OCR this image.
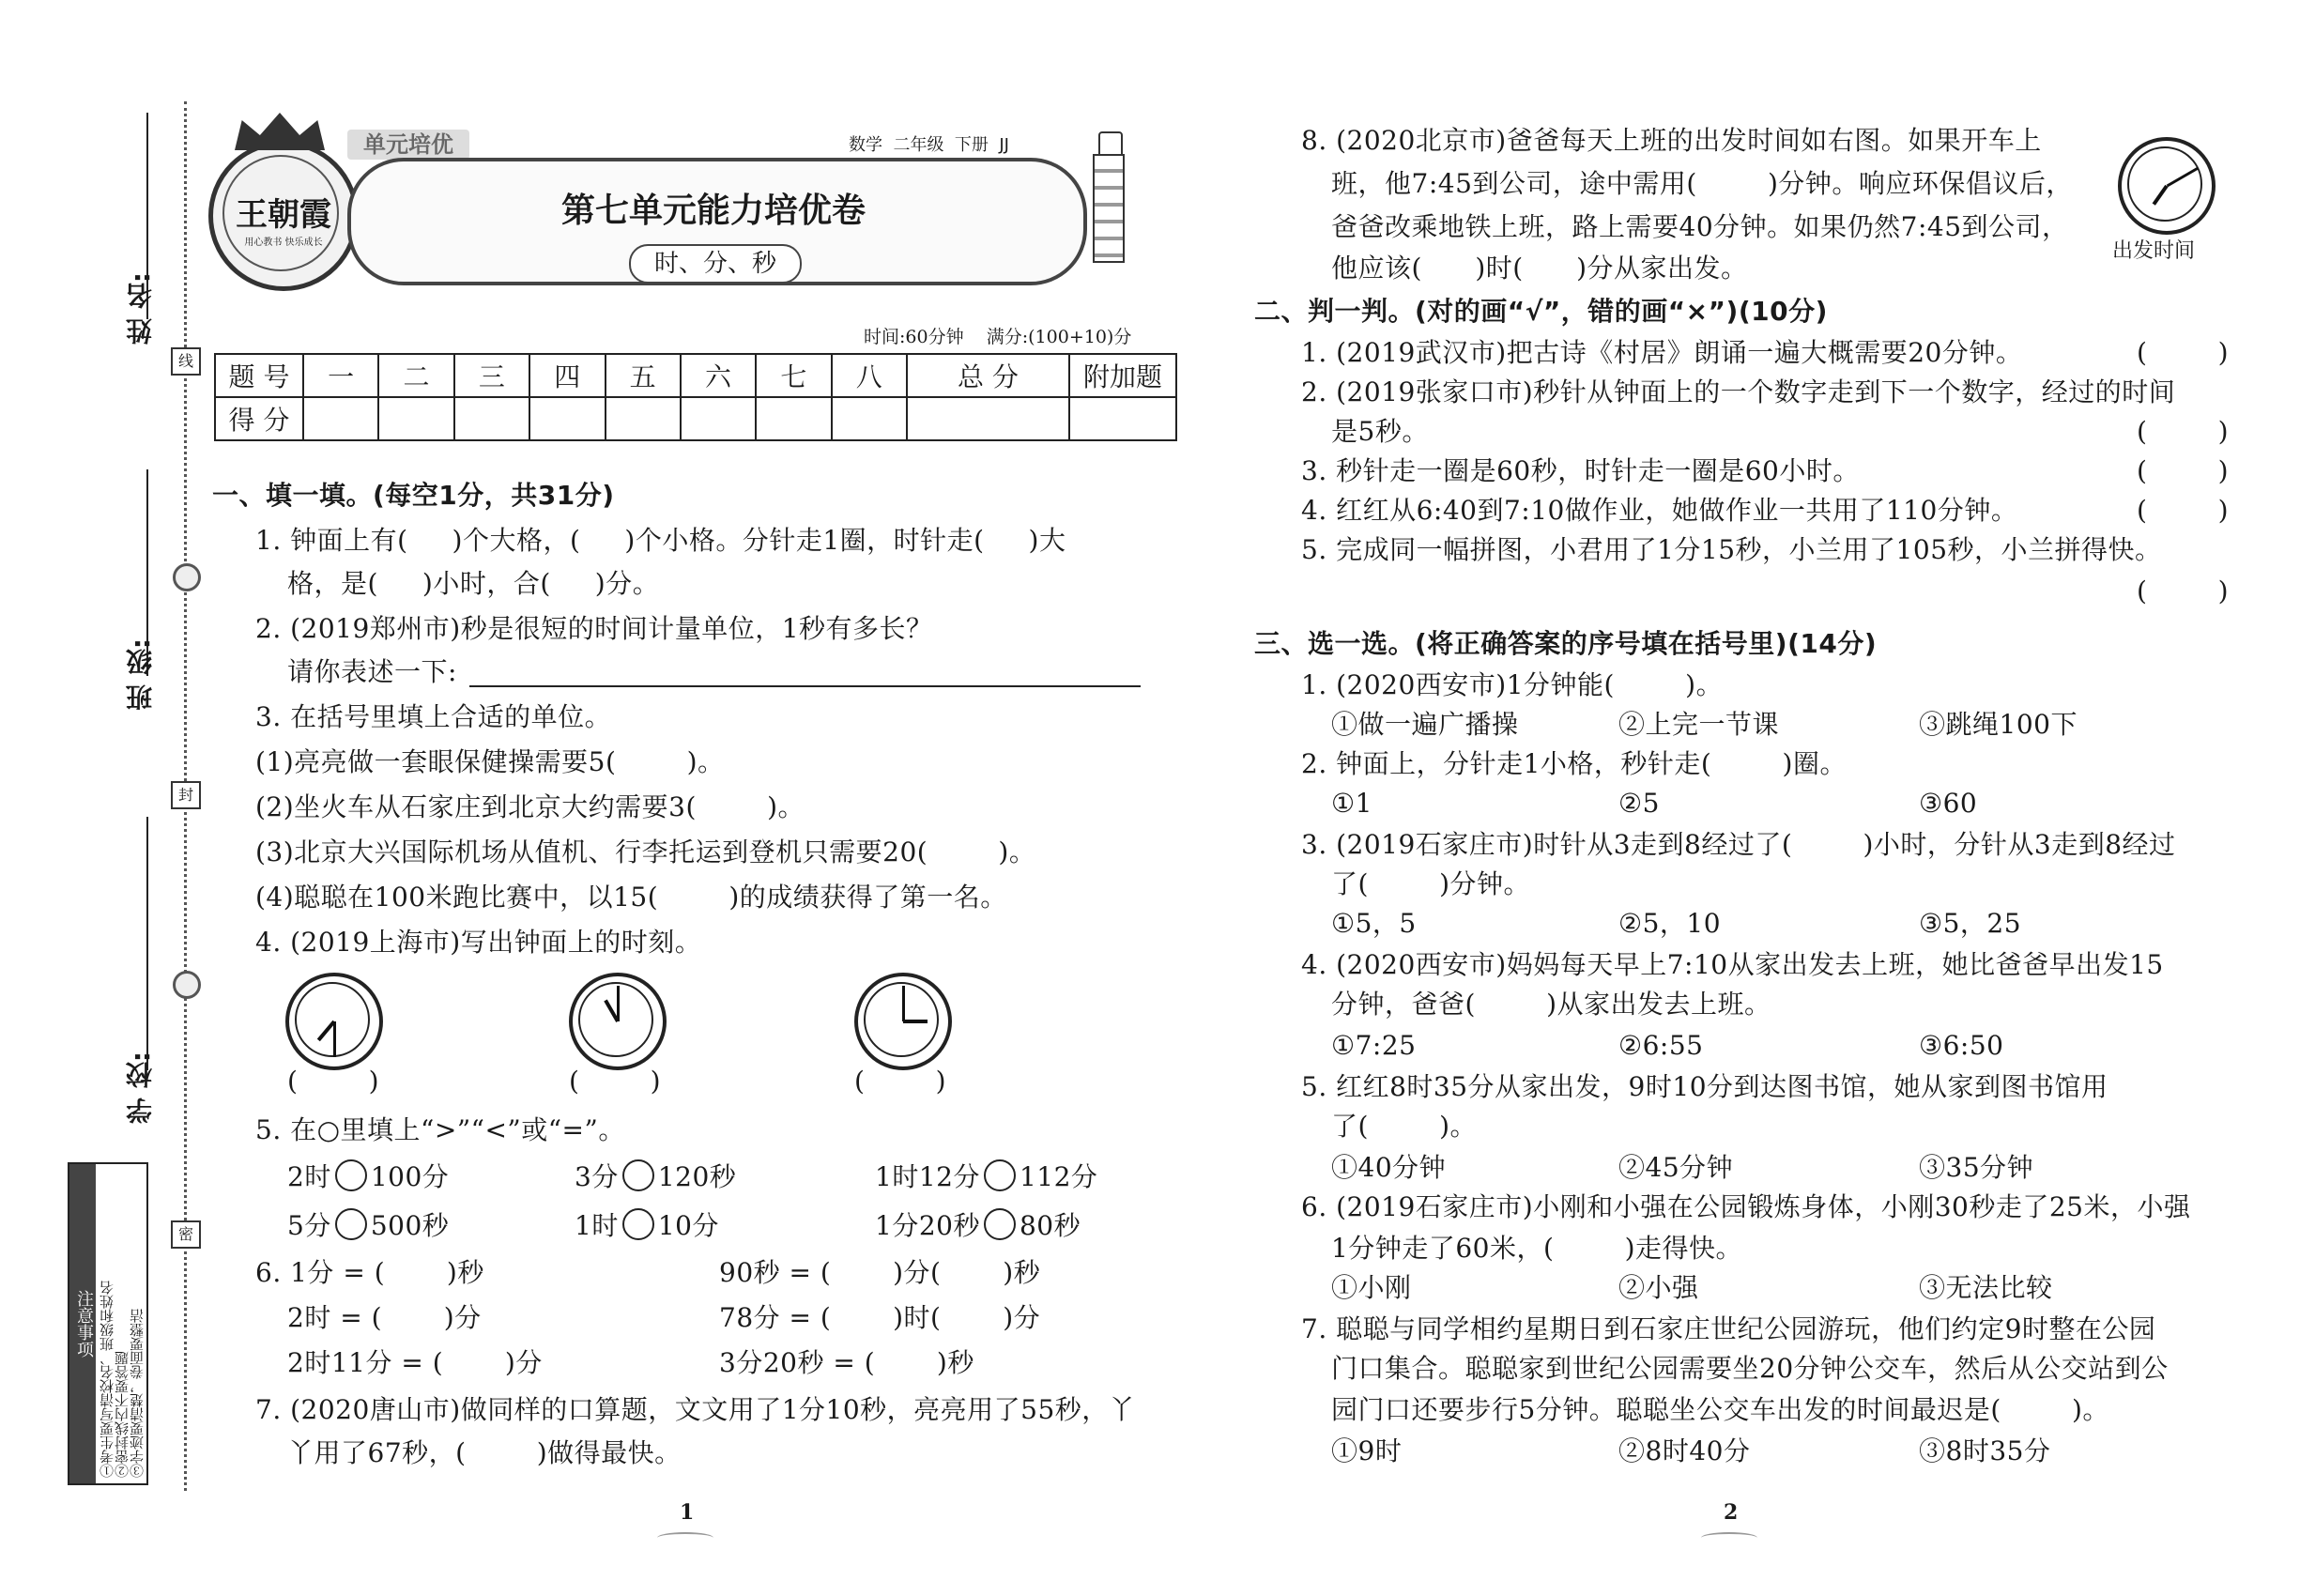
姓 名:
班 级:
学 校:
线
封
密
注意事项 ①考生要写清校名、班级和姓名
②密封线内不要答题
③字迹要清楚，卷面要整洁
王朝霞
用心教书 快乐成长
单元培优	数学  二年级  下册  JJ
第七单元能力培优卷
时、分、秒
时间:60分钟    满分:(100+10)分
题 号	一	二	三	四	五	六	七	八	总 分	附加题
得 分										
一、填一填。(每空1分，共31分)
1. 钟面上有(     )个大格，(     )个小格。分针走1圈，时针走(     )大
格，是(     )小时，合(     )分。
2. (2019郑州市)秒是很短的时间计量单位，1秒有多长？
请你表述一下:
3. 在括号里填上合适的单位。
(1)亮亮做一套眼保健操需要5(        )。
(2)坐火车从石家庄到北京大约需要3(        )。
(3)北京大兴国际机场从值机、行李托运到登机只需要20(        )。
(4)聪聪在100米跑比赛中，以15(        )的成绩获得了第一名。
4. (2019上海市)写出钟面上的时刻。
(        )	(        )	(        )
5. 在○里填上“>”“<”或“=”。
2时 100分	3分 120秒	1时12分 112分
5分 500秒	1时 10分	1分20秒 80秒
6. 1分 = (       )秒	90秒 = (       )分(       )秒
2时 = (       )分	78分 = (       )时(       )分
2时11分 = (       )分	3分20秒 = (       )秒
7. (2020唐山市)做同样的口算题，文文用了1分10秒，亮亮用了55秒，丫
丫用了67秒，(        )做得最快。
1
8. (2020北京市)爸爸每天上班的出发时间如右图。如果开车上
班，他7:45到公司，途中需用(        )分钟。响应环保倡议后，
爸爸改乘地铁上班，路上需要40分钟。如果仍然7:45到公司，
他应该(      )时(      )分从家出发。
出发时间
二、判一判。(对的画“√”，错的画“×”)(10分)
1. (2019武汉市)把古诗《村居》朗诵一遍大概需要20分钟。	(        )
2. (2019张家口市)秒针从钟面上的一个数字走到下一个数字，经过的时间
是5秒。	(        )
3. 秒针走一圈是60秒，时针走一圈是60小时。	(        )
4. 红红从6:40到7:10做作业，她做作业一共用了110分钟。	(        )
5. 完成同一幅拼图，小君用了1分15秒，小兰用了105秒，小兰拼得快。
(        )
三、选一选。(将正确答案的序号填在括号里)(14分)
1. (2020西安市)1分钟能(        )。
①做一遍广播操	②上完一节课	③跳绳100下
2. 钟面上，分针走1小格，秒针走(        )圈。
①1	②5	③60
3. (2019石家庄市)时针从3走到8经过了(        )小时，分针从3走到8经过
了(        )分钟。
①5，5	②5，10	③5，25
4. (2020西安市)妈妈每天早上7:10从家出发去上班，她比爸爸早出发15
分钟，爸爸(        )从家出发去上班。
①7:25	②6:55	③6:50
5. 红红8时35分从家出发，9时10分到达图书馆，她从家到图书馆用
了(        )。
①40分钟	②45分钟	③35分钟
6. (2019石家庄市)小刚和小强在公园锻炼身体，小刚30秒走了25米，小强
1分钟走了60米，(        )走得快。
①小刚	②小强	③无法比较
7. 聪聪与同学相约星期日到石家庄世纪公园游玩，他们约定9时整在公园
门口集合。聪聪家到世纪公园需要坐20分钟公交车，然后从公交站到公
园门口还要步行5分钟。聪聪坐公交车出发的时间最迟是(        )。
①9时	②8时40分	③8时35分
2
